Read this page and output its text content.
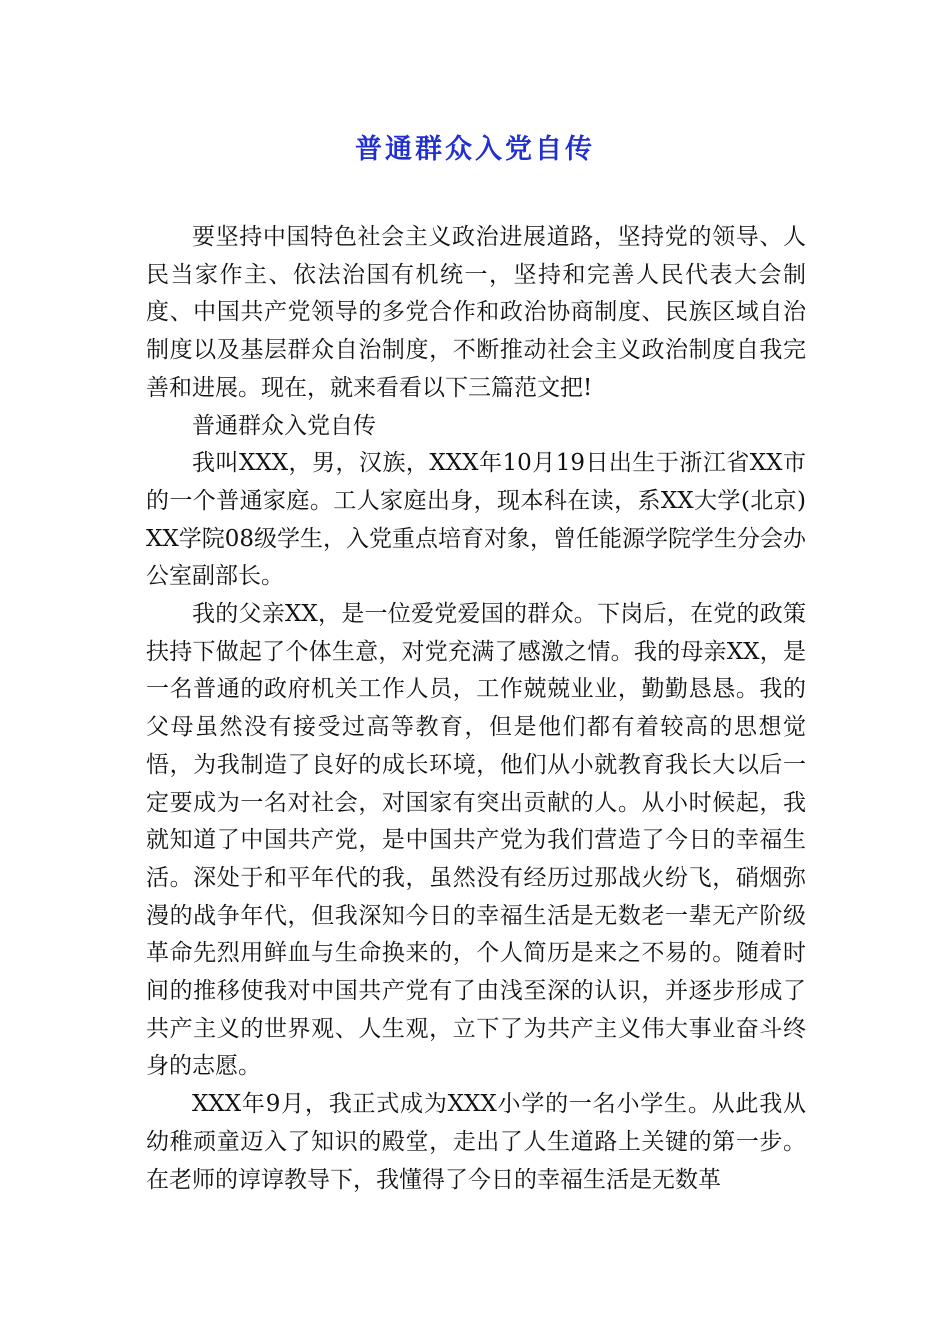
普通群众入党自传

要坚持中国特色社会主义政治进展道路，坚持党的领导、人民当家作主、依法治国有机统一，坚持和完善人民代表大会制度、中国共产党领导的多党合作和政治协商制度、民族区域自治制度以及基层群众自治制度，不断推动社会主义政治制度自我完善和进展。现在，就来看看以下三篇范文把!

普通群众入党自传

我叫XXX，男，汉族，XXX年10月19日出生于浙江省XX市的一个普通家庭。工人家庭出身，现本科在读，系XX大学(北京)XX学院08级学生，入党重点培育对象，曾任能源学院学生分会办公室副部长。

我的父亲XX，是一位爱党爱国的群众。下岗后，在党的政策扶持下做起了个体生意，对党充满了感激之情。我的母亲XX，是一名普通的政府机关工作人员，工作兢兢业业，勤勤恳恳。我的父母虽然没有接受过高等教育，但是他们都有着较高的思想觉悟，为我制造了良好的成长环境，他们从小就教育我长大以后一定要成为一名对社会，对国家有突出贡献的人。从小时候起，我就知道了中国共产党，是中国共产党为我们营造了今日的幸福生活。深处于和平年代的我，虽然没有经历过那战火纷飞，硝烟弥漫的战争年代，但我深知今日的幸福生活是无数老一辈无产阶级革命先烈用鲜血与生命换来的，个人简历是来之不易的。随着时间的推移使我对中国共产党有了由浅至深的认识，并逐步形成了共产主义的世界观、人生观，立下了为共产主义伟大事业奋斗终身的志愿。

XXX年9月，我正式成为XXX小学的一名小学生。从此我从幼稚顽童迈入了知识的殿堂，走出了人生道路上关键的第一步。在老师的谆谆教导下，我懂得了今日的幸福生活是无数革
